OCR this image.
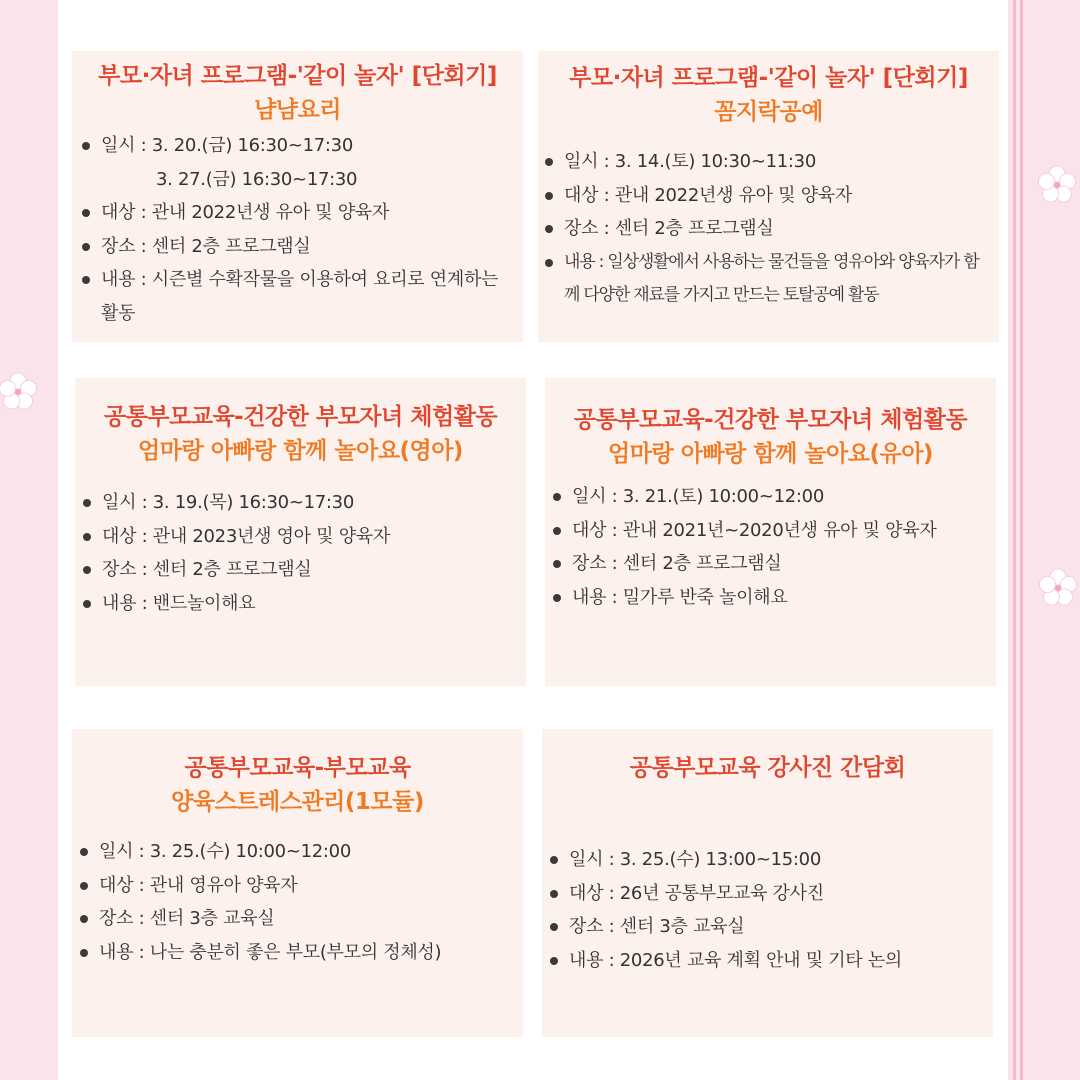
부모·자녀 프로그램-'같이 놀자' [단회기]
냠냠요리
일시 : 3. 20.(금) 16:30~17:30
3. 27.(금) 16:30~17:30
대상 : 관내 2022년생 유아 및 양육자
장소 : 센터 2층 프로그램실
내용 : 시즌별 수확작물을 이용하여 요리로 연계하는 활동
부모·자녀 프로그램-'같이 놀자' [단회기]
꼼지락공예
일시 : 3. 14.(토) 10:30~11:30
대상 : 관내 2022년생 유아 및 양육자
장소 : 센터 2층 프로그램실
내용 : 일상생활에서 사용하는 물건들을 영유아와 양육자가 함께 다양한 재료를 가지고 만드는 토탈공예 활동
공통부모교육-건강한 부모자녀 체험활동
엄마랑 아빠랑 함께 놀아요(영아)
일시 : 3. 19.(목) 16:30~17:30
대상 : 관내 2023년생 영아 및 양육자
장소 : 센터 2층 프로그램실
내용 : 밴드놀이해요
공통부모교육-건강한 부모자녀 체험활동
엄마랑 아빠랑 함께 놀아요(유아)
일시 : 3. 21.(토) 10:00~12:00
대상 : 관내 2021년~2020년생 유아 및 양육자
장소 : 센터 2층 프로그램실
내용 : 밀가루 반죽 놀이해요
공통부모교육-부모교육
양육스트레스관리(1모듈)
일시 : 3. 25.(수) 10:00~12:00
대상 : 관내 영유아 양육자
장소 : 센터 3층 교육실
내용 : 나는 충분히 좋은 부모(부모의 정체성)
공통부모교육 강사진 간담회
일시 : 3. 25.(수) 13:00~15:00
대상 : 26년 공통부모교육 강사진
장소 : 센터 3층 교육실
내용 : 2026년 교육 계획 안내 및 기타 논의
